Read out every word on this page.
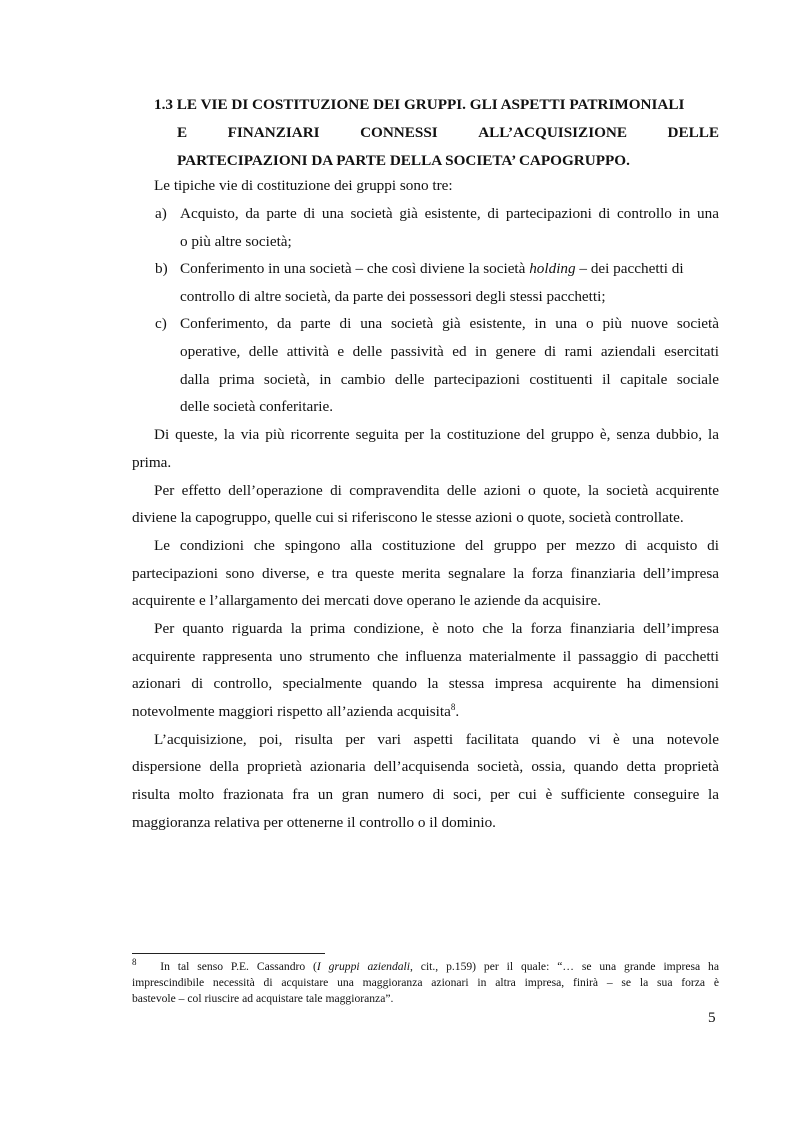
1.3 LE VIE DI COSTITUZIONE DEI GRUPPI. GLI ASPETTI PATRIMONIALI
E	FINANZIARI	CONNESSI	ALL’ACQUISIZIONE	DELLE
PARTECIPAZIONI DA PARTE DELLA SOCIETA’ CAPOGRUPPO.
Le tipiche vie di costituzione dei gruppi sono tre:
a) Acquisto, da parte di una società già esistente, di partecipazioni di controllo in una
o più altre società;
b) Conferimento in una società – che così diviene la società holding – dei pacchetti di
controllo di altre società, da parte dei possessori degli stessi pacchetti;
c) Conferimento, da parte di una società già esistente, in una o più nuove società
operative, delle attività e delle passività ed in genere di rami aziendali esercitati
dalla prima società, in cambio delle partecipazioni costituenti il capitale sociale
delle società conferitarie.
Di queste, la via più ricorrente seguita per la costituzione del gruppo è, senza dubbio, la
prima.
Per effetto dell’operazione di compravendita delle azioni o quote, la società acquirente
diviene la capogruppo, quelle cui si riferiscono le stesse azioni o quote, società controllate.
Le condizioni che spingono alla costituzione del gruppo per mezzo di acquisto di
partecipazioni sono diverse, e tra queste merita segnalare la forza finanziaria dell’impresa
acquirente e l’allargamento dei mercati dove operano le aziende da acquisire.
Per quanto riguarda la prima condizione, è noto che la forza finanziaria dell’impresa
acquirente rappresenta uno strumento che influenza materialmente il passaggio di pacchetti
azionari di controllo, specialmente quando la stessa impresa acquirente ha dimensioni
notevolmente maggiori rispetto all’azienda acquisita$^8$.
L’acquisizione, poi, risulta per vari aspetti facilitata quando vi è una notevole
dispersione della proprietà azionaria dell’acquisenda società, ossia, quando detta proprietà
risulta molto frazionata fra un gran numero di soci, per cui è sufficiente conseguire la
maggioranza relativa per ottenerne il controllo o il dominio.
$^8$ In tal senso P.E. Cassandro (I gruppi aziendali, cit., p.159) per il quale: “… se una grande impresa ha
imprescindibile necessità di acquistare una maggioranza azionari in altra impresa, finirà – se la sua forza è
bastevole – col riuscire ad acquistare tale maggioranza”.
5
